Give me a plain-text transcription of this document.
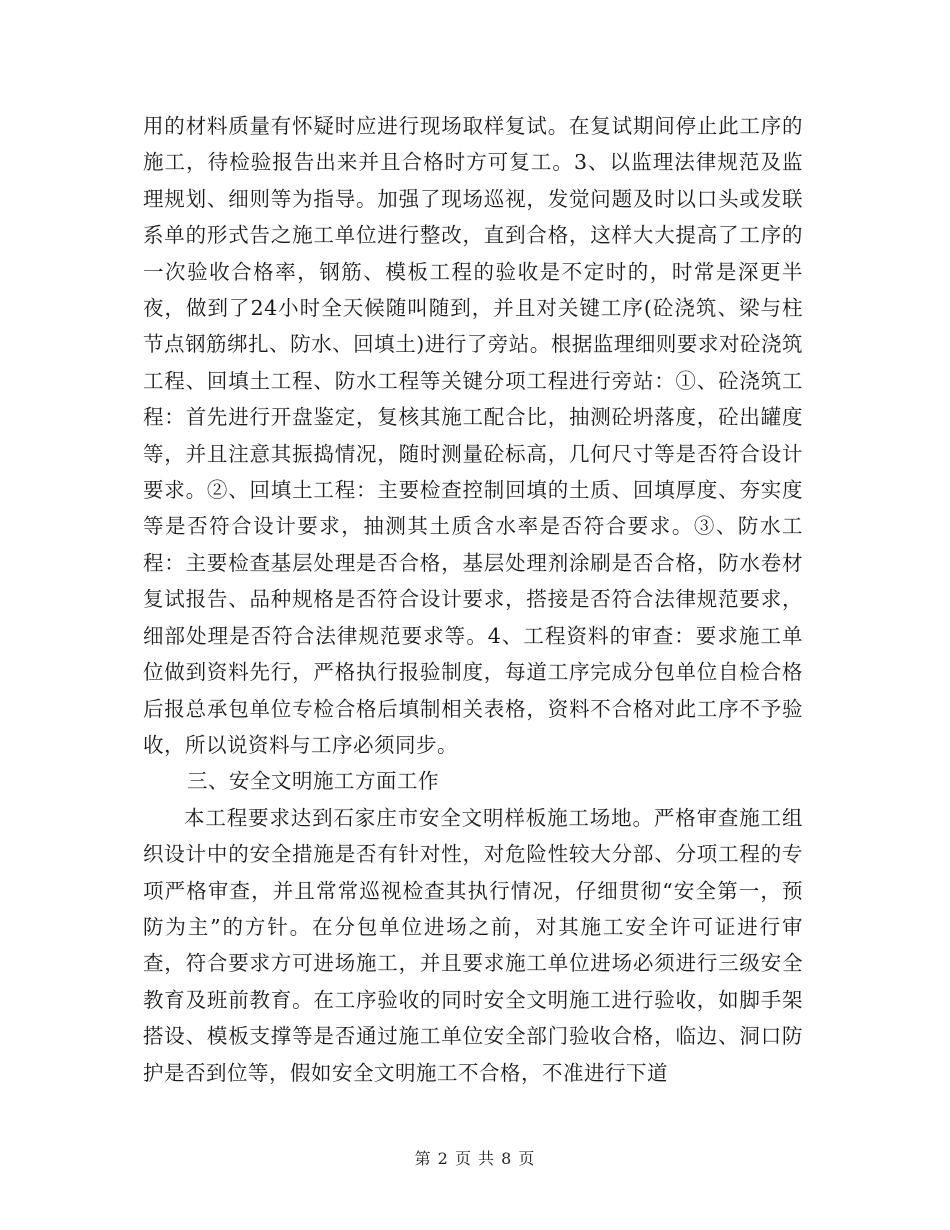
用的材料质量有怀疑时应进行现场取样复试。在复试期间停止此工序的施工，待检验报告出来并且合格时方可复工。3、以监理法律规范及监理规划、细则等为指导。加强了现场巡视，发觉问题及时以口头或发联系单的形式告之施工单位进行整改，直到合格，这样大大提高了工序的一次验收合格率，钢筋、模板工程的验收是不定时的，时常是深更半夜，做到了24小时全天候随叫随到，并且对关键工序(砼浇筑、梁与柱节点钢筋绑扎、防水、回填土)进行了旁站。根据监理细则要求对砼浇筑工程、回填土工程、防水工程等关键分项工程进行旁站：①、砼浇筑工程：首先进行开盘鉴定，复核其施工配合比，抽测砼坍落度，砼出罐度等，并且注意其振捣情况，随时测量砼标高，几何尺寸等是否符合设计要求。②、回填土工程：主要检查控制回填的土质、回填厚度、夯实度等是否符合设计要求，抽测其土质含水率是否符合要求。③、防水工程：主要检查基层处理是否合格，基层处理剂涂刷是否合格，防水卷材复试报告、品种规格是否符合设计要求，搭接是否符合法律规范要求，细部处理是否符合法律规范要求等。4、工程资料的审查：要求施工单位做到资料先行，严格执行报验制度，每道工序完成分包单位自检合格后报总承包单位专检合格后填制相关表格，资料不合格对此工序不予验收，所以说资料与工序必须同步。

三、安全文明施工方面工作

本工程要求达到石家庄市安全文明样板施工场地。严格审查施工组织设计中的安全措施是否有针对性，对危险性较大分部、分项工程的专项严格审查，并且常常巡视检查其执行情况，仔细贯彻“安全第一，预防为主”的方针。在分包单位进场之前，对其施工安全许可证进行审查，符合要求方可进场施工，并且要求施工单位进场必须进行三级安全教育及班前教育。在工序验收的同时安全文明施工进行验收，如脚手架搭设、模板支撑等是否通过施工单位安全部门验收合格，临边、洞口防护是否到位等，假如安全文明施工不合格，不准进行下道

第 2 页 共 8 页
